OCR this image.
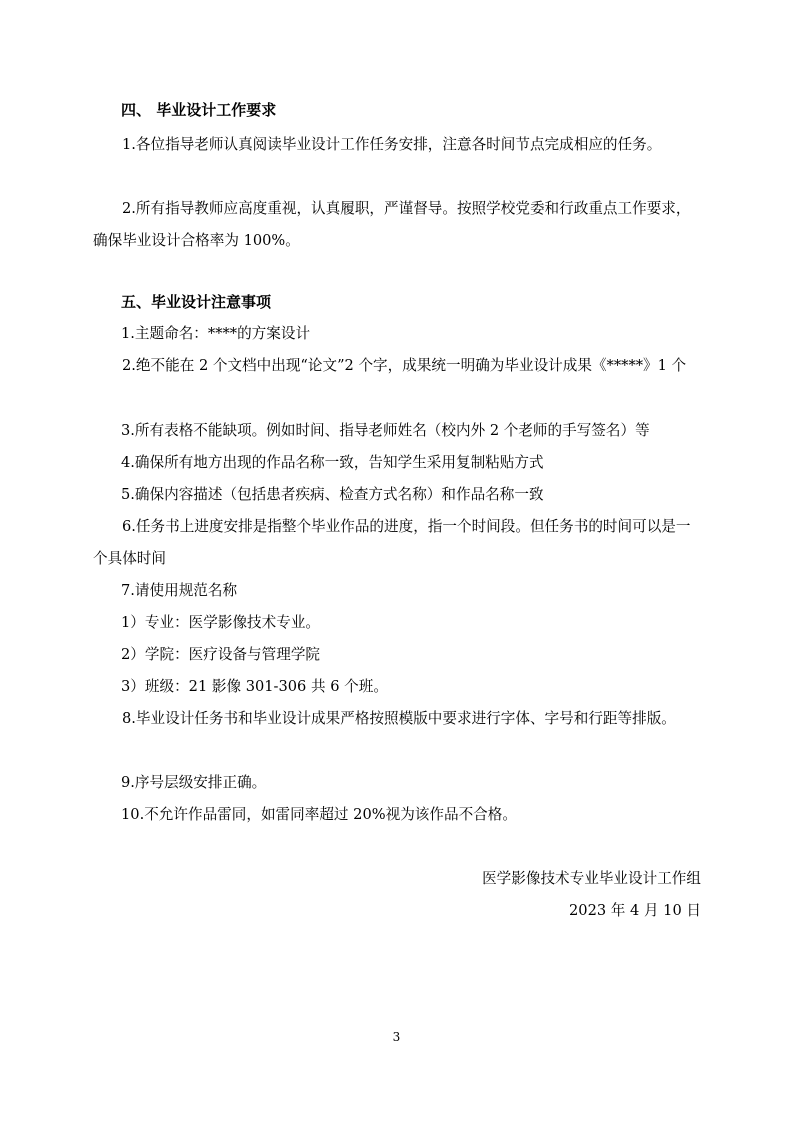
四、 毕业设计工作要求
1.各位指导老师认真阅读毕业设计工作任务安排，注意各时间节点完成相应的任务。
2.所有指导教师应高度重视，认真履职，严谨督导。按照学校党委和行政重点工作要求，确保毕业设计合格率为 100%。
五、毕业设计注意事项
1.主题命名：****的方案设计
2.绝不能在 2 个文档中出现“论文”2 个字，成果统一明确为毕业设计成果《*****》1 个
3.所有表格不能缺项。例如时间、指导老师姓名（校内外 2 个老师的手写签名）等
4.确保所有地方出现的作品名称一致，告知学生采用复制粘贴方式
5.确保内容描述（包括患者疾病、检查方式名称）和作品名称一致
6.任务书上进度安排是指整个毕业作品的进度，指一个时间段。但任务书的时间可以是一个具体时间
7.请使用规范名称
1）专业：医学影像技术专业。
2）学院：医疗设备与管理学院
3）班级：21 影像 301-306 共 6 个班。
8.毕业设计任务书和毕业设计成果严格按照模版中要求进行字体、字号和行距等排版。
9.序号层级安排正确。
10.不允许作品雷同，如雷同率超过 20%视为该作品不合格。
医学影像技术专业毕业设计工作组
2023 年 4 月 10 日
3
